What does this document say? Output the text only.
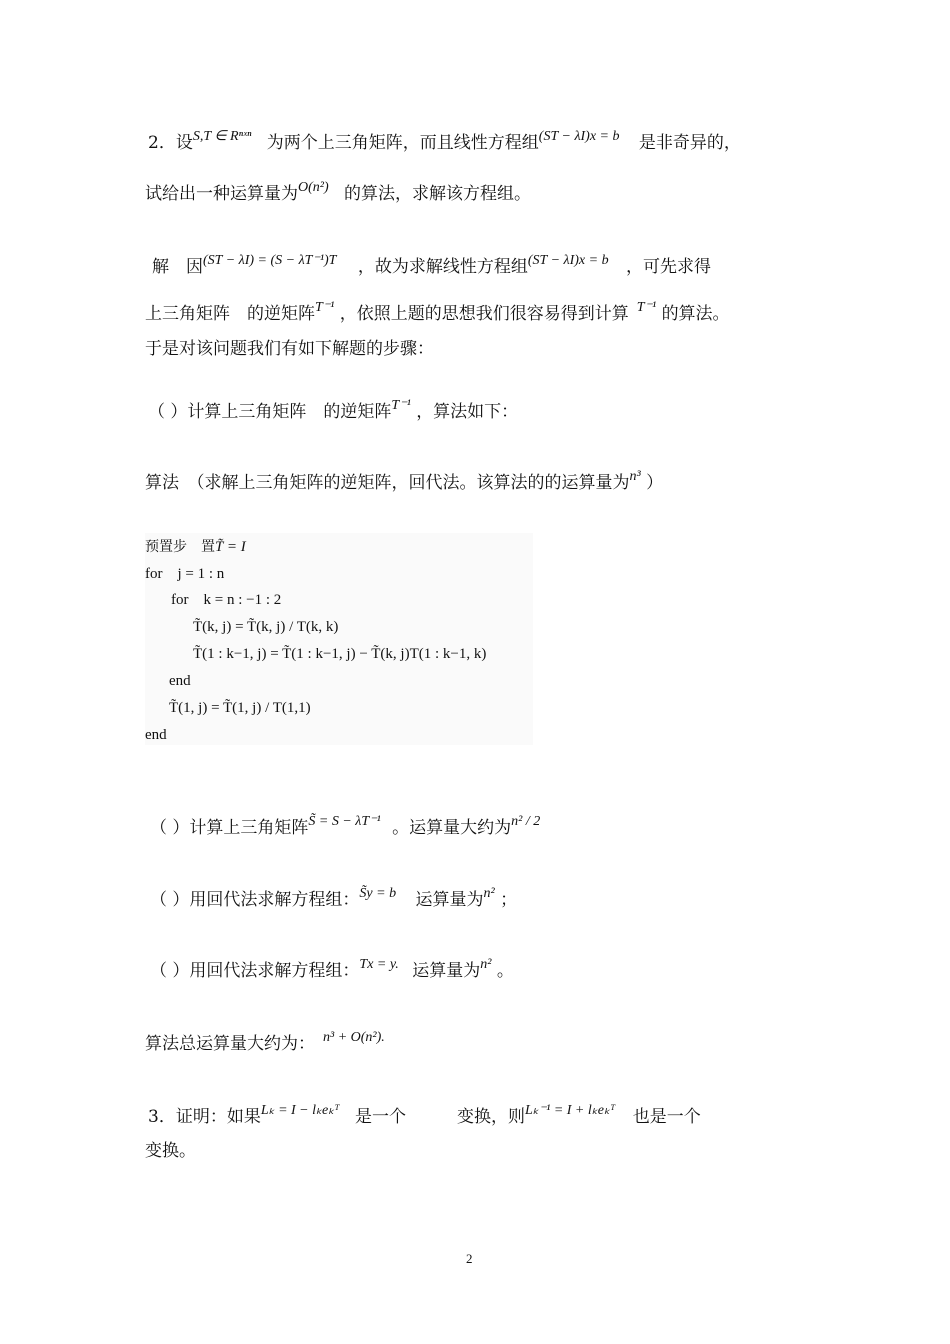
2．设$^{S,T \in R^nˣ^n}$ 为两个上三角矩阵，而且线性方程组$^{(ST - \lambda I)x = b}$ 是非奇异的，
试给出一种运算量为$^{O(n^2)}$ 的算法，求解该方程组。
解　因$^{(ST - \lambda I) = (S - \lambda T^{-1})T}$ ，故为求解线性方程组$^{(ST - \lambda I)x = b}$ ，可先求得
上三角矩阵　的逆矩阵$^{T^{-1}}$ ，依照上题的思想我们很容易得到计算 $^{T^{-1}}$ 的算法。
于是对该问题我们有如下解题的步骤：
（ ）计算上三角矩阵　的逆矩阵$^{T^{-1}}$ ，算法如下：
算法　（求解上三角矩阵的逆矩阵，回代法。该算法的的运算量为$^{n^3}$ ）
预置步　置T̃ = I
for　j = 1 : n
for　k = n : −1 : 2
T̃(k, j) = T̃(k, j) / T(k, k)
T̃(1 : k−1, j) = T̃(1 : k−1, j) − T̃(k, j)T(1 : k−1, k)
end
T̃(1, j) = T̃(1, j) / T(1,1)
end
（ ）计算上三角矩阵$^{S̃ = S - \lambda T^{-1}}$ 。运算量大约为$^{n^2 / 2}$
（ ）用回代法求解方程组：$^{S̃y = b}$ 运算量为$^{n^2}$ ；
（ ）用回代法求解方程组：$^{Tx = y.}$ 运算量为$^{n^2}$ 。
算法总运算量大约为： $^{n^3 + O(n^2).}$
3．证明：如果$^{L_k = I - l_ke_kᵀ}$ 是一个　　　变换，则$^{L_k^{-1} = I + l_ke_kᵀ}$ 也是一个
变换。
2
